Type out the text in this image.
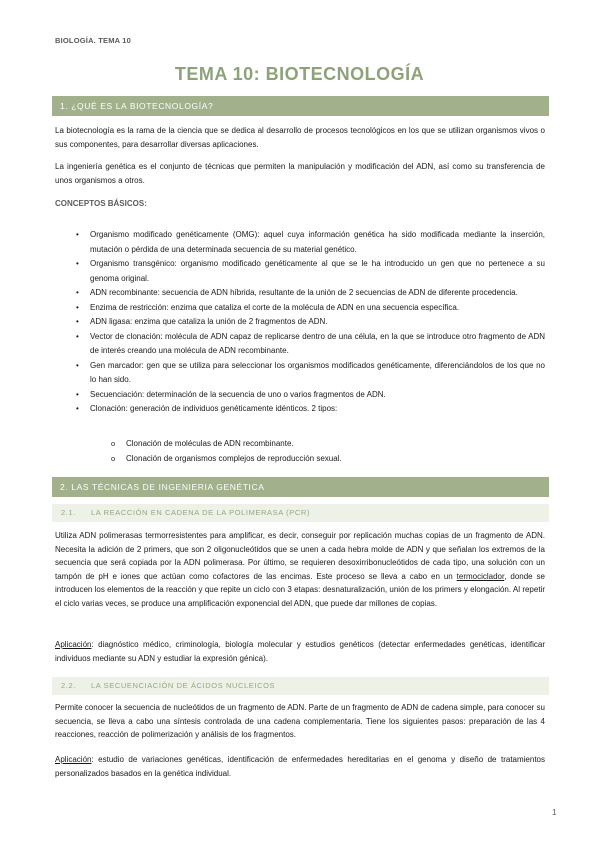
BIOLOGÍA. TEMA 10
TEMA 10: BIOTECNOLOGÍA
1. ¿QUÉ ES LA BIOTECNOLOGÍA?
La biotecnología es la rama de la ciencia que se dedica al desarrollo de procesos tecnológicos en los que se utilizan organismos vivos o sus componentes, para desarrollar diversas aplicaciones.
La ingeniería genética es el conjunto de técnicas que permiten la manipulación y modificación del ADN, así como su transferencia de unos organismos a otros.
CONCEPTOS BÁSICOS:
• Organismo modificado genéticamente (OMG): aquel cuya información genética ha sido modificada mediante la inserción, mutación o pérdida de una determinada secuencia de su material genético.
• Organismo transgénico: organismo modificado genéticamente al que se le ha introducido un gen que no pertenece a su genoma original.
• ADN recombinante: secuencia de ADN híbrida, resultante de la unión de 2 secuencias de ADN de diferente procedencia.
• Enzima de restricción: enzima que cataliza el corte de la molécula de ADN en una secuencia específica.
• ADN ligasa: enzima que cataliza la unión de 2 fragmentos de ADN.
• Vector de clonación: molécula de ADN capaz de replicarse dentro de una célula, en la que se introduce otro fragmento de ADN de interés creando una molécula de ADN recombinante.
• Gen marcador: gen que se utiliza para seleccionar los organismos modificados genéticamente, diferenciándolos de los que no lo han sido.
• Secuenciación: determinación de la secuencia de uno o varios fragmentos de ADN.
• Clonación: generación de individuos genéticamente idénticos. 2 tipos:
o Clonación de moléculas de ADN recombinante.
o Clonación de organismos complejos de reproducción sexual.
2. LAS TÉCNICAS DE INGENIERIA GENÉTICA
2.1. LA REACCIÓN EN CADENA DE LA POLIMERASA (PCR)
Utiliza ADN polimerasas termorresistentes para amplificar, es decir, conseguir por replicación muchas copias de un fragmento de ADN. Necesita la adición de 2 primers, que son 2 oligonucleótidos que se unen a cada hebra molde de ADN y que señalan los extremos de la secuencia que será copiada por la ADN polimerasa. Por último, se requieren desoxirribonucleótidos de cada tipo, una solución con un tampón de pH e iones que actúan como cofactores de las encimas. Este proceso se lleva a cabo en un termociclador, donde se introducen los elementos de la reacción y que repite un ciclo con 3 etapas: desnaturalización, unión de los primers y elongación. Al repetir el ciclo varias veces, se produce una amplificación exponencial del ADN, que puede dar millones de copias.
Aplicación: diagnóstico médico, criminología, biología molecular y estudios genéticos (detectar enfermedades genéticas, identificar individuos mediante su ADN y estudiar la expresión génica).
2.2. LA SECUENCIACIÓN DE ÁCIDOS NUCLEICOS
Permite conocer la secuencia de nucleótidos de un fragmento de ADN. Parte de un fragmento de ADN de cadena simple, para conocer su secuencia, se lleva a cabo una síntesis controlada de una cadena complementaria. Tiene los siguientes pasos: preparación de las 4 reacciones, reacción de polimerización y análisis de los fragmentos.
Aplicación: estudio de variaciones genéticas, identificación de enfermedades hereditarias en el genoma y diseño de tratamientos personalizados basados en la genética individual.
1
